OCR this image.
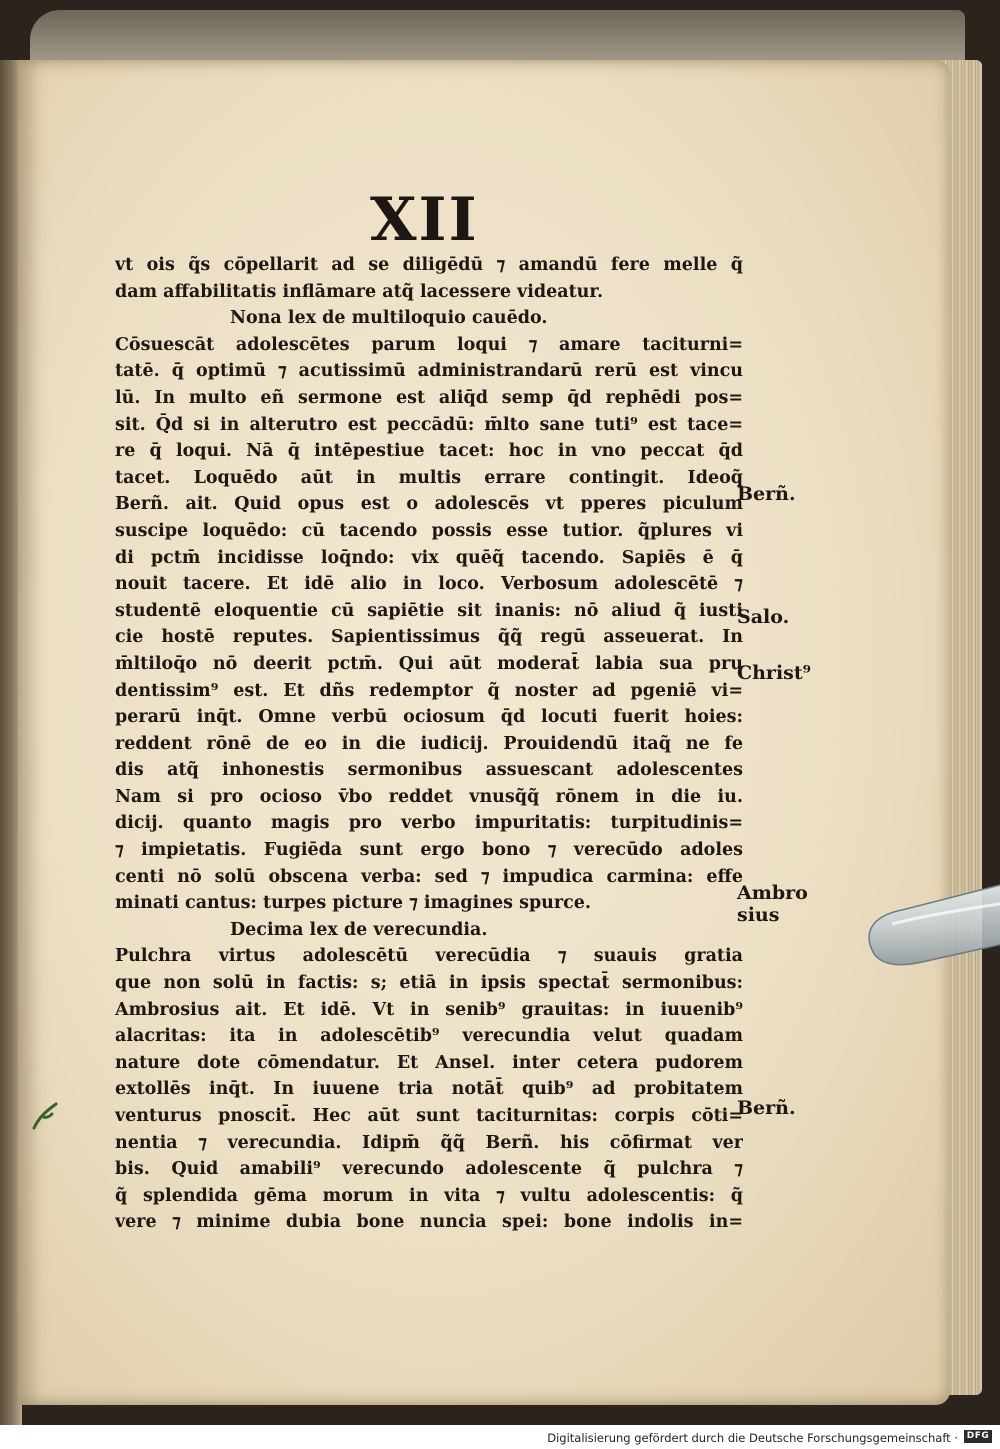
XII
vt ois q̃s cōpellarit ad se diligēdū ⁊ amandū fere melle q̃
dam affabilitatis inflāmare atq̃ lacessere videatur.
Nona lex de multiloquio cauēdo.
Cōsuescāt adolescētes parum loqui ⁊ amare taciturni=
tatē. q̄ optimū ⁊ acutissimū administrandarū rerū est vincu
lū. In multo eñ sermone est aliq̄d semp q̄d rephēdi pos=
sit. Q̄d si in alterutro est peccādū: m̄lto sane tuti⁹ est tace=
re q̄ loqui. Nā q̄ intēpestiue tacet: hoc in vno peccat q̄d
tacet. Loquēdo aūt in multis errare contingit. Ideoq̃
Berñ. ait. Quid opus est o adolescēs vt pperes piculum
suscipe loquēdo: cū tacendo possis esse tutior. q̃plures vi
di pctm̄ incidisse loq̄ndo: vix quēq̃ tacendo. Sapiēs ē q̄
nouit tacere. Et idē alio in loco. Verbosum adolescētē ⁊
studentē eloquentie cū sapiētie sit inanis: nō aliud q̃ iusti
cie hostē reputes. Sapientissimus q̃q̃ regū asseuerat. In
m̄ltiloq̄o nō deerit pctm̄. Qui aūt moderat̄ labia sua pru
dentissim⁹ est. Et dñs redemptor q̃ noster ad pgeniē vi=
perarū inq̄t. Omne verbū ociosum q̄d locuti fuerit hoies:
reddent rōnē de eo in die iudicij. Prouidendū itaq̃ ne fe
dis atq̃ inhonestis sermonibus assuescant adolescentes
Nam si pro ocioso v̄bo reddet vnusq̃q̃ rōnem in die iu.
dicij. quanto magis pro verbo impuritatis: turpitudinis=
⁊ impietatis. Fugiēda sunt ergo bono ⁊ verecūdo adoles
centi nō solū obscena verba: sed ⁊ impudica carmina: effe
minati cantus: turpes picture ⁊ imagines spurce.
Decima lex de verecundia.
Pulchra virtus adolescētū verecūdia ⁊ suauis gratia
que non solū in factis: s; etiā in ipsis spectat̄ sermonibus:
Ambrosius ait. Et idē. Vt in senib⁹ grauitas: in iuuenib⁹
alacritas: ita in adolescētib⁹ verecundia velut quadam
nature dote cōmendatur. Et Ansel. inter cetera pudorem
extollēs inq̄t. In iuuene tria notāt̄ quib⁹ ad probitatem
venturus pnoscit̄. Hec aūt sunt taciturnitas: corpis cōti=
nentia ⁊ verecundia. Idipm̄ q̃q̃ Berñ. his cōfirmat ver
bis. Quid amabili⁹ verecundo adolescente q̃ pulchra ⁊
q̃ splendida gēma morum in vita ⁊ vultu adolescentis: q̃
vere ⁊ minime dubia bone nuncia spei: bone indolis in=
Berñ.
Salo.
Christ⁹
Ambro
sius
Berñ.
Digitalisierung gefördert durch die Deutsche Forschungsgemeinschaft · DFG
